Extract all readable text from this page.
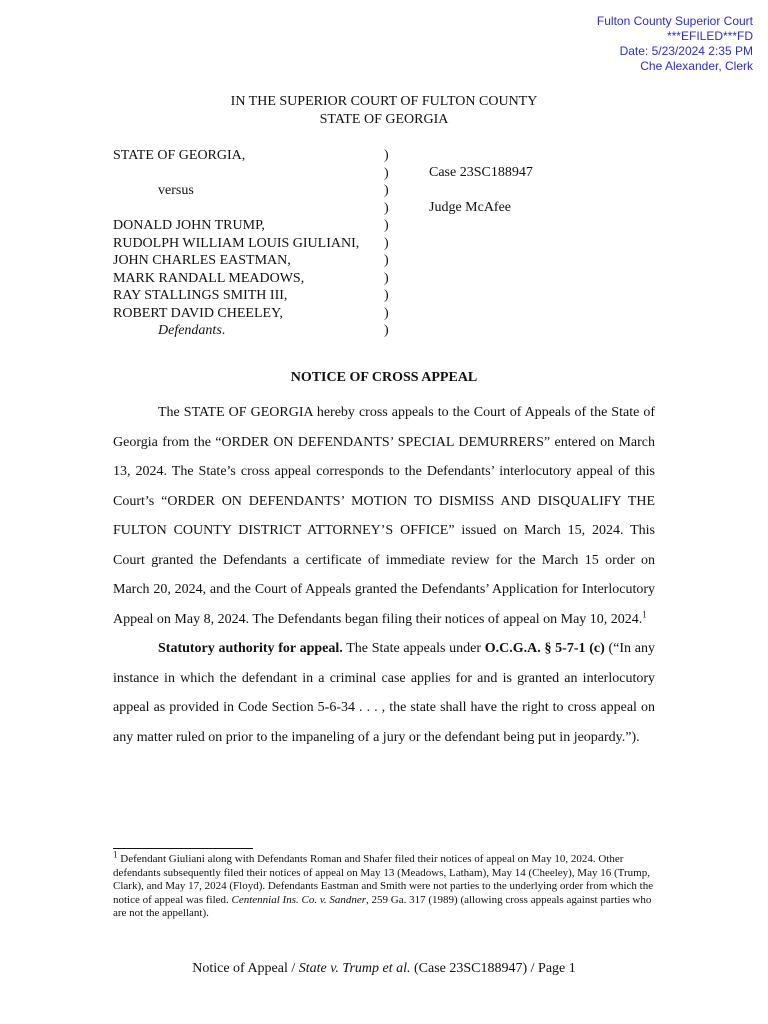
Fulton County Superior Court
***EFILED***FD
Date: 5/23/2024 2:35 PM
Che Alexander, Clerk
IN THE SUPERIOR COURT OF FULTON COUNTY
STATE OF GEORGIA
STATE OF GEORGIA,

versus

DONALD JOHN TRUMP,
RUDOLPH WILLIAM LOUIS GIULIANI,
JOHN CHARLES EASTMAN,
MARK RANDALL MEADOWS,
RAY STALLINGS SMITH III,
ROBERT DAVID CHEELEY,
Defendants.
)
)
)
)
)
)
)
)
)
)
)
Case 23SC188947
Judge McAfee
NOTICE OF CROSS APPEAL

The STATE OF GEORGIA hereby cross appeals to the Court of Appeals of the State of Georgia from the “ORDER ON DEFENDANTS’ SPECIAL DEMURRERS” entered on March 13, 2024. The State’s cross appeal corresponds to the Defendants’ interlocutory appeal of this Court’s “ORDER ON DEFENDANTS’ MOTION TO DISMISS AND DISQUALIFY THE FULTON COUNTY DISTRICT ATTORNEY’S OFFICE” issued on March 15, 2024. This Court granted the Defendants a certificate of immediate review for the March 15 order on March 20, 2024, and the Court of Appeals granted the Defendants’ Application for Interlocutory Appeal on May 8, 2024. The Defendants began filing their notices of appeal on May 10, 2024.$^1$

Statutory authority for appeal. The State appeals under O.C.G.A. § 5-7-1 (c) (“In any instance in which the defendant in a criminal case applies for and is granted an interlocutory appeal as provided in Code Section 5-6-34 . . . , the state shall have the right to cross appeal on any matter ruled on prior to the impaneling of a jury or the defendant being put in jeopardy.”).

$^1$ Defendant Giuliani along with Defendants Roman and Shafer filed their notices of appeal on May 10, 2024. Other defendants subsequently filed their notices of appeal on May 13 (Meadows, Latham), May 14 (Cheeley), May 16 (Trump, Clark), and May 17, 2024 (Floyd). Defendants Eastman and Smith were not parties to the underlying order from which the notice of appeal was filed. Centennial Ins. Co. v. Sandner, 259 Ga. 317 (1989) (allowing cross appeals against parties who are not the appellant).
Notice of Appeal / State v. Trump et al. (Case 23SC188947) / Page 1
